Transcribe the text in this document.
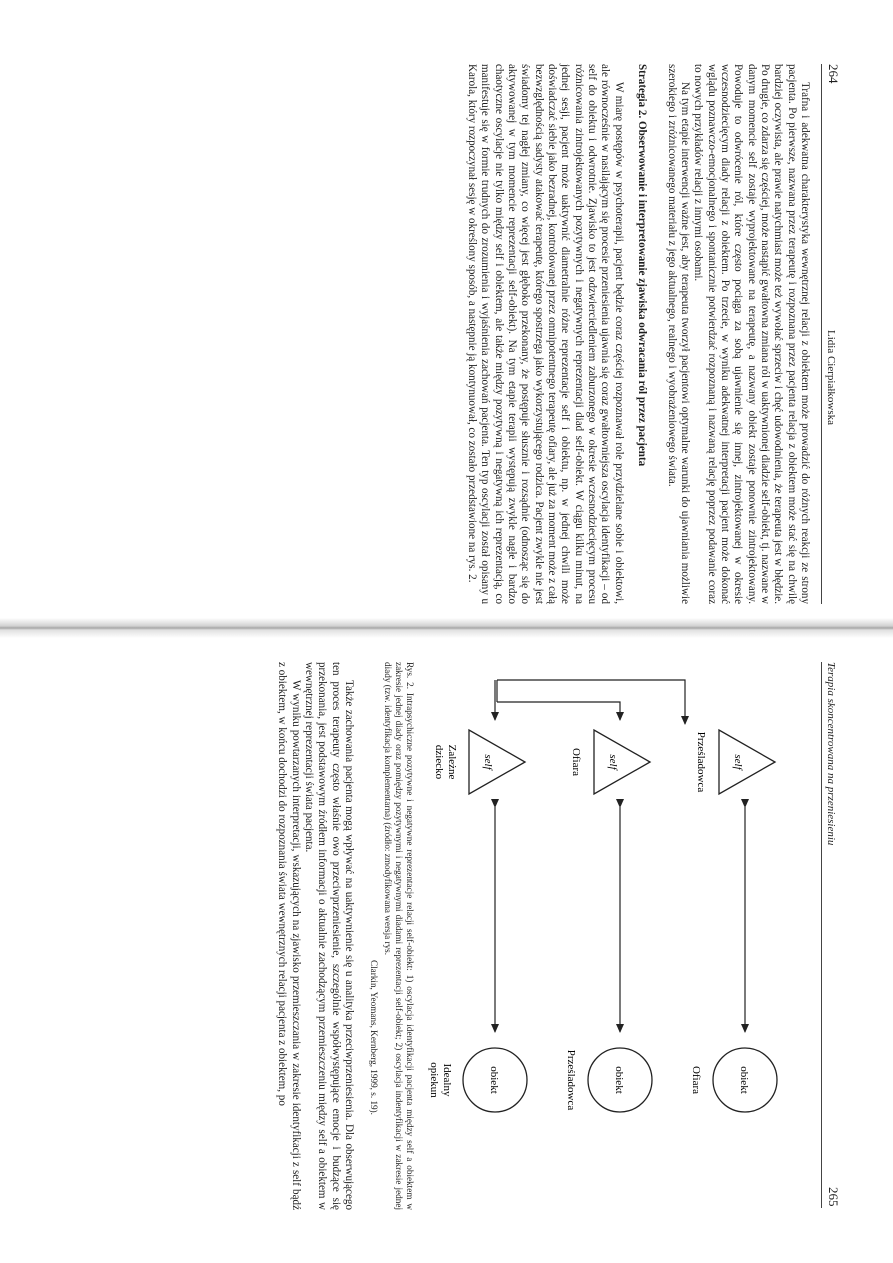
264
Lidia Cierpiałkowska

Trafna i adekwatna charakterystyka wewnętrznej relacji z obiektem może prowadzić do różnych reakcji ze strony pacjenta. Po pierwsze, nazwana przez terapeutę i rozpoznana przez pacjenta relacja z obiektem może stać się na chwilę bardziej oczywista, ale prawie natychmiast może też wywołać sprzeciw i chęć udowodnienia, że terapeuta jest w błędzie. Po drugie, co zdarza się częściej, może nastąpić gwałtowna zmiana ról w uaktywnionej diadzie self-obiekt, tj. nazwane w danym momencie self zostaje wyprojektowane na terapeutę, a nazwany obiekt zostaje ponownie zintrojektowany. Powoduje to odwrócenie ról, które często pociąga za sobą ujawnienie się innej, zintrojektowanej w okresie wczesnodziecięcym diady relacji z obiektem. Po trzecie, w wyniku adekwatnej interpretacji pacjent może dokonać wglądu poznawczo-emocjonalnego i spontanicznie potwierdzać rozpoznaną i nazwaną relację poprzez podawanie coraz to nowych przykładów relacji z innymi osobami.

Na tym etapie interwencji ważne jest, aby terapeuta tworzył pacjentowi optymalne warunki do ujawniania możliwie szerokiego i zróżnicowanego materiału z jego aktualnego, realnego i wyobrażeniowego świata.

Strategia 2. Obserwowanie i interpretowanie zjawiska odwracania ról przez pacjenta

W miarę postępów w psychoterapii, pacjent będzie coraz częściej rozpoznawał role przydzielane sobie i obiektowi, ale równocześnie w nasilającym się procesie przeniesienia ujawnia się coraz gwałtowniejsza oscylacja identyfikacji – od self do obiektu i odwrotnie. Zjawisko to jest odzwierciedleniem zaburzonego w okresie wczesnodziecięcym procesu różnicowania zintrojektowanych pozytywnych i negatywnych reprezentacji diad self-obiekt. W ciągu kilku minut, na jednej sesji, pacjent może uaktywnić diametralnie różne reprezentacje self i obiektu, np. w jednej chwili może doświadczać siebie jako bezradnej, kontrolowanej przez omnipotentnego terapeutę ofiary, ale już za moment może z całą bezwzględnością sadysty atakować terapeutę, którego spostrzega jako wykorzystującego rodzica. Pacjent zwykle nie jest świadomy tej nagłej zmiany, co więcej jest głęboko przekonany, że postępuje słusznie i rozsądnie (odnosząc się do aktywowanej w tym momencie reprezentacji self-obiekt). Na tym etapie terapii występują zwykle nagłe i bardzo chaotyczne oscylacje nie tylko między self i obiektem, ale także między pozytywną i negatywną ich reprezentacją, co manifestuje się w formie trudnych do zrozumienia i wyjaśnienia zachowań pacjenta. Ten typ oscylacji został opisany u Karola, który rozpoczynał sesję w określony sposób, a następnie ją kontynuował, co zostało przedstawione na rys. 2.

Terapia skoncentrowana na przeniesieniu
265
self
Prześladowca
obiekt
Ofiara
self
Ofiara
obiekt
Prześladowca
self
Zależne
dziecko
obiekt
Idealny
opiekun
Rys. 2. Intrapsychiczne pozytywne i negatywne reprezentacje relacji self-obiekt: 1) oscylacja identyfikacji pacjenta między self a obiektem w zakresie jednej diady oraz pomiędzy pozytywnymi i negatywnymi diadami reprezentacji self-obiekt; 2) oscylacja indentyfikacji w zakresie jednej diady (tzw. identyfikacja komplementarna) (źródło: zmodyfikowana wersja rys.
Clarkin, Yeomans, Kernberg, 1999, s. 19).

Także zachowania pacjenta mogą wpływać na uaktywnienie się u analityka przeciwprzeniesienia. Dla obserwującego ten proces terapeuty często właśnie owo przeciwprzeniesienie, szczególnie współwystępujące emocje i budzące się przekonania, jest podstawowym źródłem informacji o aktualnie zachodzącym przemieszczeniu między self a obiektem w wewnętrznej reprezentacji świata pacjenta.

W wyniku powtarzanych interpretacji, wskazujących na zjawisko przemieszczania w zakresie identyfikacji z self bądź z obiektem, w końcu dochodzi do rozpoznania świata wewnętrznych relacji pacjenta z obiektem, po
